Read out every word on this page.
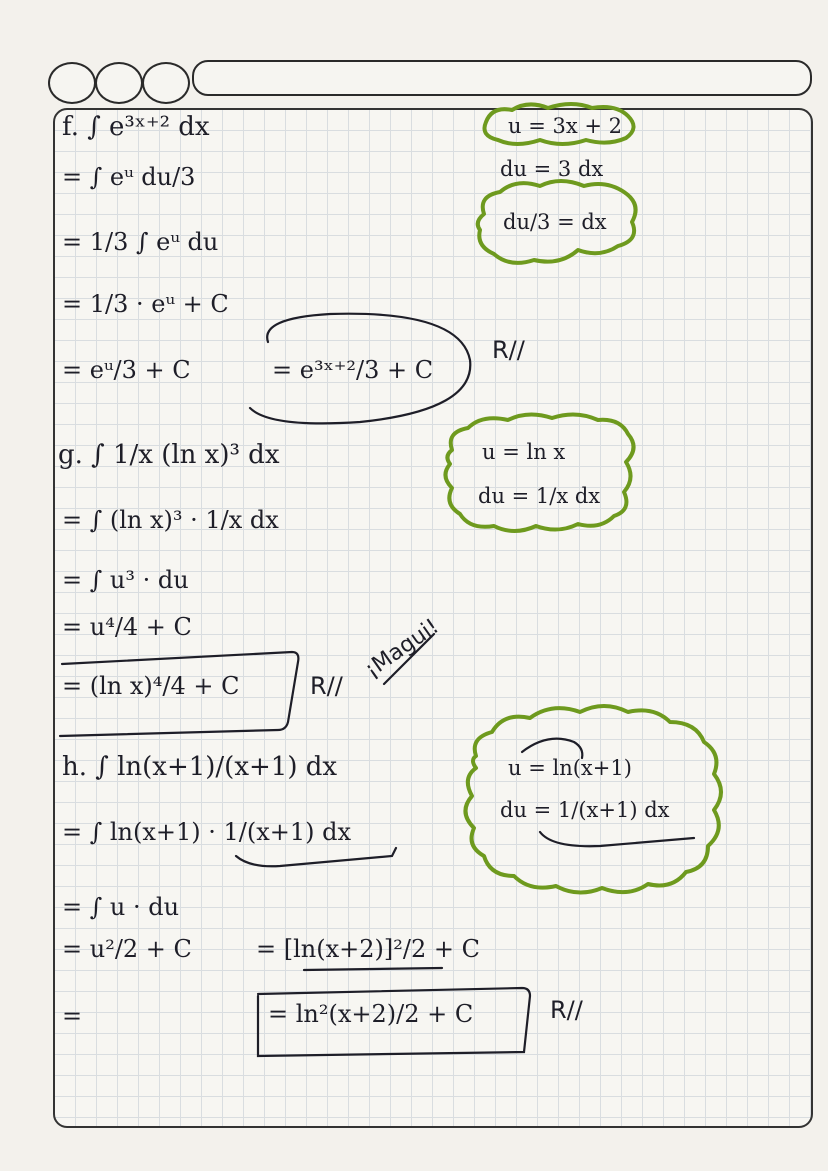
f. ∫ e³ˣ⁺² dx
= ∫ eᵘ du/3
= 1/3 ∫ eᵘ du
= 1/3 · eᵘ + C
= eᵘ/3 + C	= e³ˣ⁺²/3 + C
R//
u = 3x + 2
du = 3 dx
du/3 = dx
g. ∫ 1/x (ln x)³ dx
= ∫ (ln x)³ · 1/x dx
= ∫ u³ · du
= u⁴/4 + C
= (ln x)⁴/4 + C	R//
¡Magui!
u = ln x
du = 1/x dx
h. ∫ ln(x+1)/(x+1) dx
= ∫ ln(x+1) · 1/(x+1) dx
= ∫ u · du
= u²/2 + C	= [ln(x+2)]²/2 + C
=	= ln²(x+2)/2 + C	R//
u = ln(x+1)
du = 1/(x+1) dx
